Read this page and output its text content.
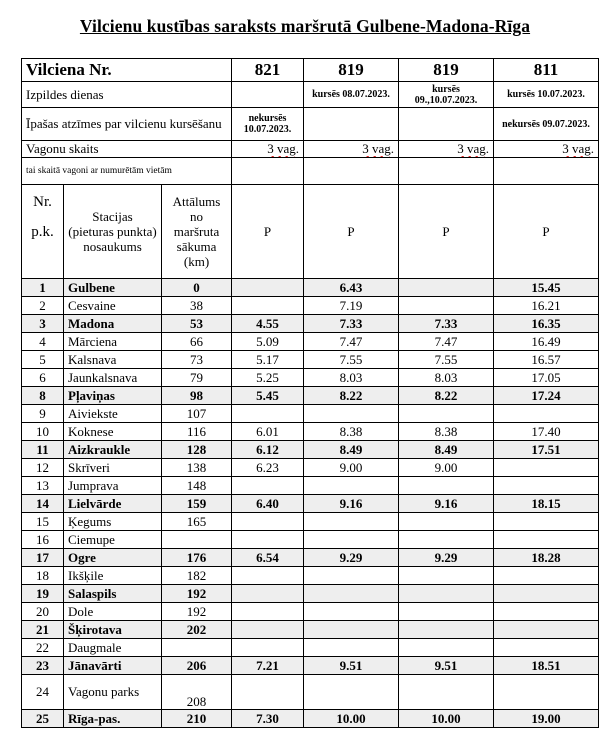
Vilcienu kustības saraksts maršrutā Gulbene-Madona-Rīga
Vilciena Nr.			821	819	819	811
Izpildes dienas				kursēs 08.07.2023.	kursēs 09.,10.07.2023.	kursēs 10.07.2023.
Īpašas atzīmes par vilcienu kursēšanu			nekursēs 10.07.2023.			nekursēs 09.07.2023.
Vagonu skaits			3 vag.	3 vag.	3 vag.	3 vag.
tai skaitā vagoni ar numurētām vietām						
Nr.
p.k.	Stacijas (pieturas punkta) nosaukums	Attālums no maršruta sākuma (km)	P	P	P	P
1	Gulbene	0		6.43		15.45
2	Cesvaine	38		7.19		16.21
3	Madona	53	4.55	7.33	7.33	16.35
4	Mārciena	66	5.09	7.47	7.47	16.49
5	Kalsnava	73	5.17	7.55	7.55	16.57
6	Jaunkalsnava	79	5.25	8.03	8.03	17.05
8	Pļaviņas	98	5.45	8.22	8.22	17.24
9	Aiviekste	107				
10	Koknese	116	6.01	8.38	8.38	17.40
11	Aizkraukle	128	6.12	8.49	8.49	17.51
12	Skrīveri	138	6.23	9.00	9.00	
13	Jumprava	148				
14	Lielvārde	159	6.40	9.16	9.16	18.15
15	Ķegums	165				
16	Ciemupe					
17	Ogre	176	6.54	9.29	9.29	18.28
18	Ikšķile	182				
19	Salaspils	192				
20	Dole	192				
21	Šķirotava	202				
22	Daugmale					
23	Jānavārti	206	7.21	9.51	9.51	18.51
24	Vagonu parks	208				
25	Rīga-pas.	210	7.30	10.00	10.00	19.00
